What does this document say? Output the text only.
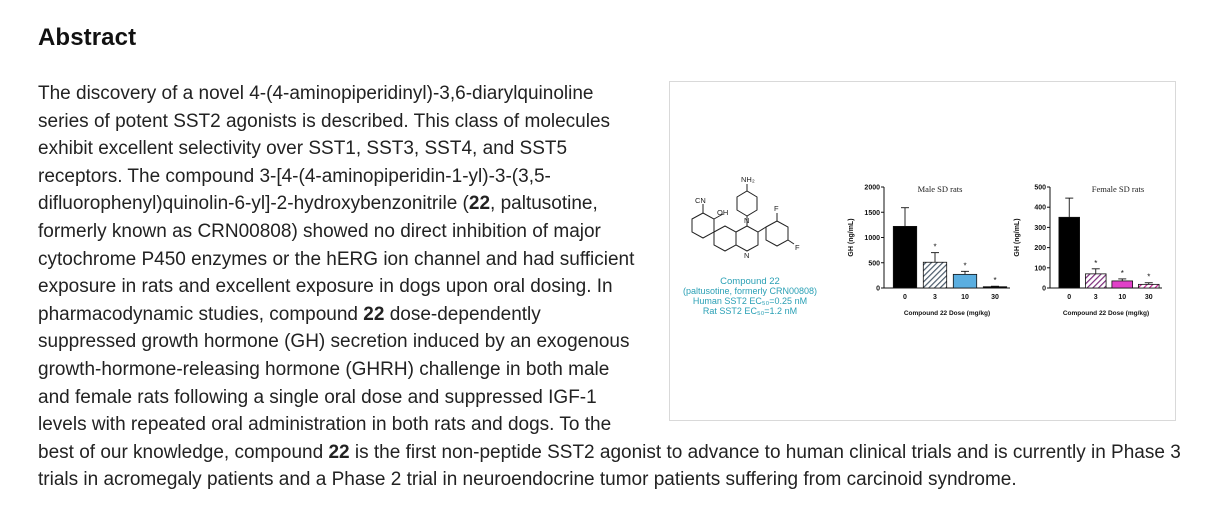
Abstract
NH₂
CN
OH
N
N
F
F
Compound 22
(paltusotine, formerly CRN00808)
Human SST2 EC₅₀=0.25 nM
Rat SST2 EC₅₀=1.2 nM
Male SD rats
0
500
1000
1500
2000
GH (ng/mL)
0
*
3
*
10
*
30
Compound 22 Dose (mg/kg)
Female SD rats
0
100
200
300
400
500
GH (ng/mL)
0
*
3
*
10
*
30
Compound 22 Dose (mg/kg)
The discovery of a novel 4-(4-aminopiperidinyl)-3,6-diarylquinoline series of potent SST2 agonists is described. This class of molecules exhibit excellent selectivity over SST1, SST3, SST4, and SST5 receptors. The compound 3-[4-(4-aminopiperidin-1-yl)-3-(3,5-difluorophenyl)quinolin-6-yl]-2-hydroxybenzonitrile (22, paltusotine, formerly known as CRN00808) showed no direct inhibition of major cytochrome P450 enzymes or the hERG ion channel and had sufficient exposure in rats and excellent exposure in dogs upon oral dosing. In pharmacodynamic studies, compound 22 dose-dependently suppressed growth hormone (GH) secretion induced by an exogenous growth-hormone-releasing hormone (GHRH) challenge in both male and female rats following a single oral dose and suppressed IGF-1 levels with repeated oral administration in both rats and dogs. To the best of our knowledge, compound 22 is the first non-peptide SST2 agonist to advance to human clinical trials and is currently in Phase 3 trials in acromegaly patients and a Phase 2 trial in neuroendocrine tumor patients suffering from carcinoid syndrome.
